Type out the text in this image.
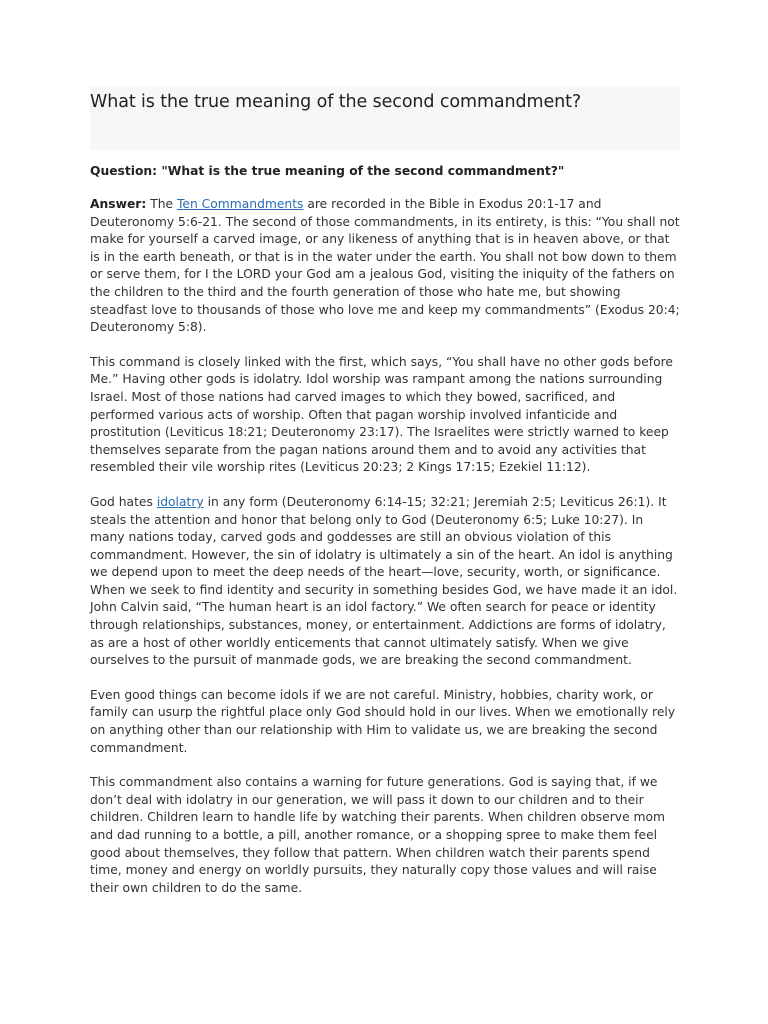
What is the true meaning of the second commandment?
Question: "What is the true meaning of the second commandment?"

Answer: The Ten Commandments are recorded in the Bible in Exodus 20:1-17 and Deuteronomy 5:6-21. The second of those commandments, in its entirety, is this: “You shall not make for yourself a carved image, or any likeness of anything that is in heaven above, or that is in the earth beneath, or that is in the water under the earth. You shall not bow down to them or serve them, for I the LORD your God am a jealous God, visiting the iniquity of the fathers on the children to the third and the fourth generation of those who hate me, but showing steadfast love to thousands of those who love me and keep my commandments” (Exodus 20:4; Deuteronomy 5:8).

This command is closely linked with the first, which says, “You shall have no other gods before Me.” Having other gods is idolatry. Idol worship was rampant among the nations surrounding Israel. Most of those nations had carved images to which they bowed, sacrificed, and performed various acts of worship. Often that pagan worship involved infanticide and prostitution (Leviticus 18:21; Deuteronomy 23:17). The Israelites were strictly warned to keep themselves separate from the pagan nations around them and to avoid any activities that resembled their vile worship rites (Leviticus 20:23; 2 Kings 17:15; Ezekiel 11:12).

God hates idolatry in any form (Deuteronomy 6:14-15; 32:21; Jeremiah 2:5; Leviticus 26:1). It steals the attention and honor that belong only to God (Deuteronomy 6:5; Luke 10:27). In many nations today, carved gods and goddesses are still an obvious violation of this commandment. However, the sin of idolatry is ultimately a sin of the heart. An idol is anything we depend upon to meet the deep needs of the heart—love, security, worth, or significance. When we seek to find identity and security in something besides God, we have made it an idol. John Calvin said, “The human heart is an idol factory.” We often search for peace or identity through relationships, substances, money, or entertainment. Addictions are forms of idolatry, as are a host of other worldly enticements that cannot ultimately satisfy. When we give ourselves to the pursuit of manmade gods, we are breaking the second commandment.

Even good things can become idols if we are not careful. Ministry, hobbies, charity work, or family can usurp the rightful place only God should hold in our lives. When we emotionally rely on anything other than our relationship with Him to validate us, we are breaking the second commandment.

This commandment also contains a warning for future generations. God is saying that, if we don’t deal with idolatry in our generation, we will pass it down to our children and to their children. Children learn to handle life by watching their parents. When children observe mom and dad running to a bottle, a pill, another romance, or a shopping spree to make them feel good about themselves, they follow that pattern. When children watch their parents spend time, money and energy on worldly pursuits, they naturally copy those values and will raise their own children to do the same.
